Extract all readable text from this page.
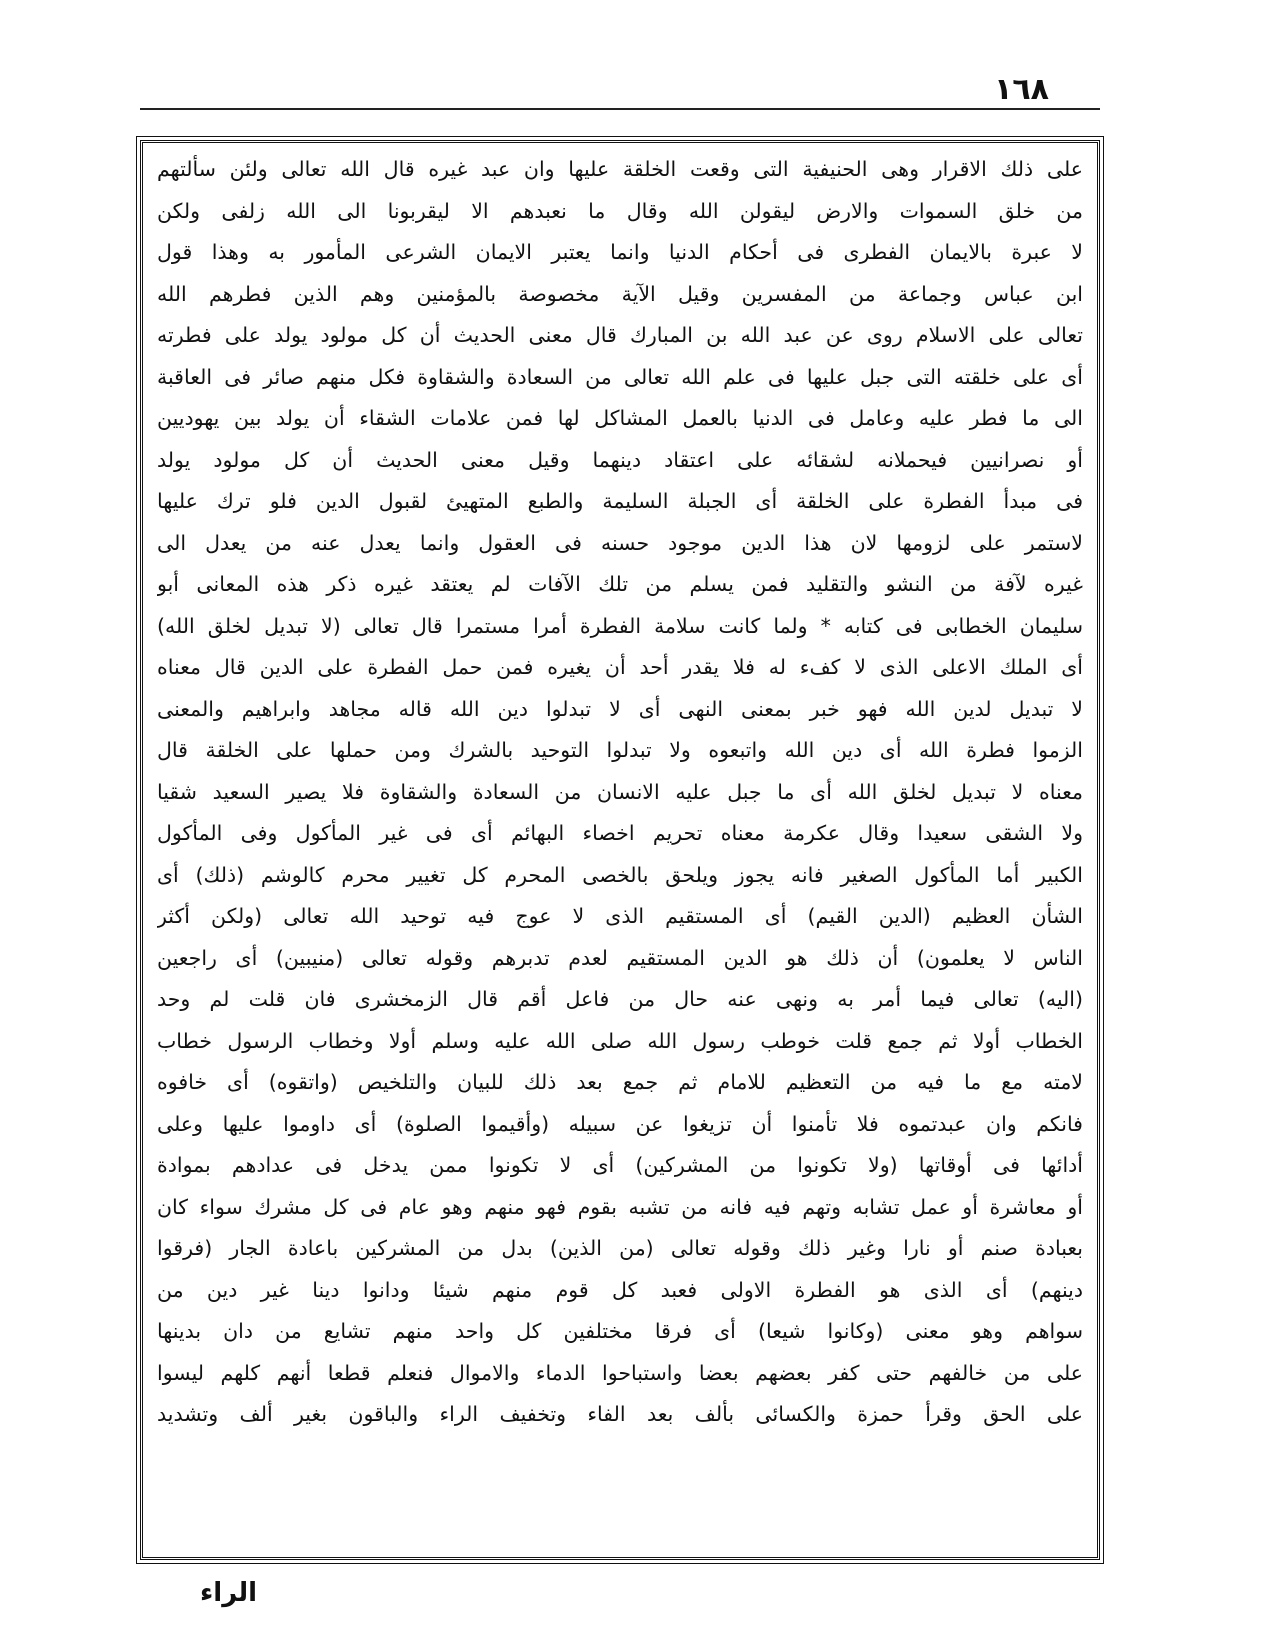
١٦٨
على ذلك الاقرار وهى الحنيفية التى وقعت الخلقة عليها وان عبد غيره قال الله تعالى ولئن سألتهم
من خلق السموات والارض ليقولن الله وقال ما نعبدهم الا ليقربونا الى الله زلفى ولكن
لا عبرة بالايمان الفطرى فى أحكام الدنيا وانما يعتبر الايمان الشرعى المأمور به وهذا قول
ابن عباس وجماعة من المفسرين وقيل الآية مخصوصة بالمؤمنين وهم الذين فطرهم الله
تعالى على الاسلام روى عن عبد الله بن المبارك قال معنى الحديث أن كل مولود يولد على فطرته
أى على خلقته التى جبل عليها فى علم الله تعالى من السعادة والشقاوة فكل منهم صائر فى العاقبة
الى ما فطر عليه وعامل فى الدنيا بالعمل المشاكل لها فمن علامات الشقاء أن يولد بين يهوديين
أو نصرانيين فيحملانه لشقائه على اعتقاد دينهما وقيل معنى الحديث أن كل مولود يولد
فى مبدأ الفطرة على الخلقة أى الجبلة السليمة والطبع المتهيئ لقبول الدين فلو ترك عليها
لاستمر على لزومها لان هذا الدين موجود حسنه فى العقول وانما يعدل عنه من يعدل الى
غيره لآفة من النشو والتقليد فمن يسلم من تلك الآفات لم يعتقد غيره ذكر هذه المعانى أبو
سليمان الخطابى فى كتابه * ولما كانت سلامة الفطرة أمرا مستمرا قال تعالى (لا تبديل لخلق الله)
أى الملك الاعلى الذى لا كفء له فلا يقدر أحد أن يغيره فمن حمل الفطرة على الدين قال معناه
لا تبديل لدين الله فهو خبر بمعنى النهى أى لا تبدلوا دين الله قاله مجاهد وابراهيم والمعنى
الزموا فطرة الله أى دين الله واتبعوه ولا تبدلوا التوحيد بالشرك ومن حملها على الخلقة قال
معناه لا تبديل لخلق الله أى ما جبل عليه الانسان من السعادة والشقاوة فلا يصير السعيد شقيا
ولا الشقى سعيدا وقال عكرمة معناه تحريم اخصاء البهائم أى فى غير المأكول وفى المأكول
الكبير أما المأكول الصغير فانه يجوز ويلحق بالخصى المحرم كل تغيير محرم كالوشم (ذلك) أى
الشأن العظيم (الدين القيم) أى المستقيم الذى لا عوج فيه توحيد الله تعالى (ولكن أكثر
الناس لا يعلمون) أن ذلك هو الدين المستقيم لعدم تدبرهم وقوله تعالى (منيبين) أى راجعين
(اليه) تعالى فيما أمر به ونهى عنه حال من فاعل أقم قال الزمخشرى فان قلت لم وحد
الخطاب أولا ثم جمع قلت خوطب رسول الله صلى الله عليه وسلم أولا وخطاب الرسول خطاب
لامته مع ما فيه من التعظيم للامام ثم جمع بعد ذلك للبيان والتلخيص (واتقوه) أى خافوه
فانكم وان عبدتموه فلا تأمنوا أن تزيغوا عن سبيله (وأقيموا الصلوة) أى داوموا عليها وعلى
أدائها فى أوقاتها (ولا تكونوا من المشركين) أى لا تكونوا ممن يدخل فى عدادهم بموادة
أو معاشرة أو عمل تشابه وتهم فيه فانه من تشبه بقوم فهو منهم وهو عام فى كل مشرك سواء كان
بعبادة صنم أو نارا وغير ذلك وقوله تعالى (من الذين) بدل من المشركين باعادة الجار (فرقوا
دينهم) أى الذى هو الفطرة الاولى فعبد كل قوم منهم شيئا ودانوا دينا غير دين من
سواهم وهو معنى (وكانوا شيعا) أى فرقا مختلفين كل واحد منهم تشايع من دان بدينها
على من خالفهم حتى كفر بعضهم بعضا واستباحوا الدماء والاموال فنعلم قطعا أنهم كلهم ليسوا
على الحق وقرأ حمزة والكسائى بألف بعد الفاء وتخفيف الراء والباقون بغير ألف وتشديد
الراء
